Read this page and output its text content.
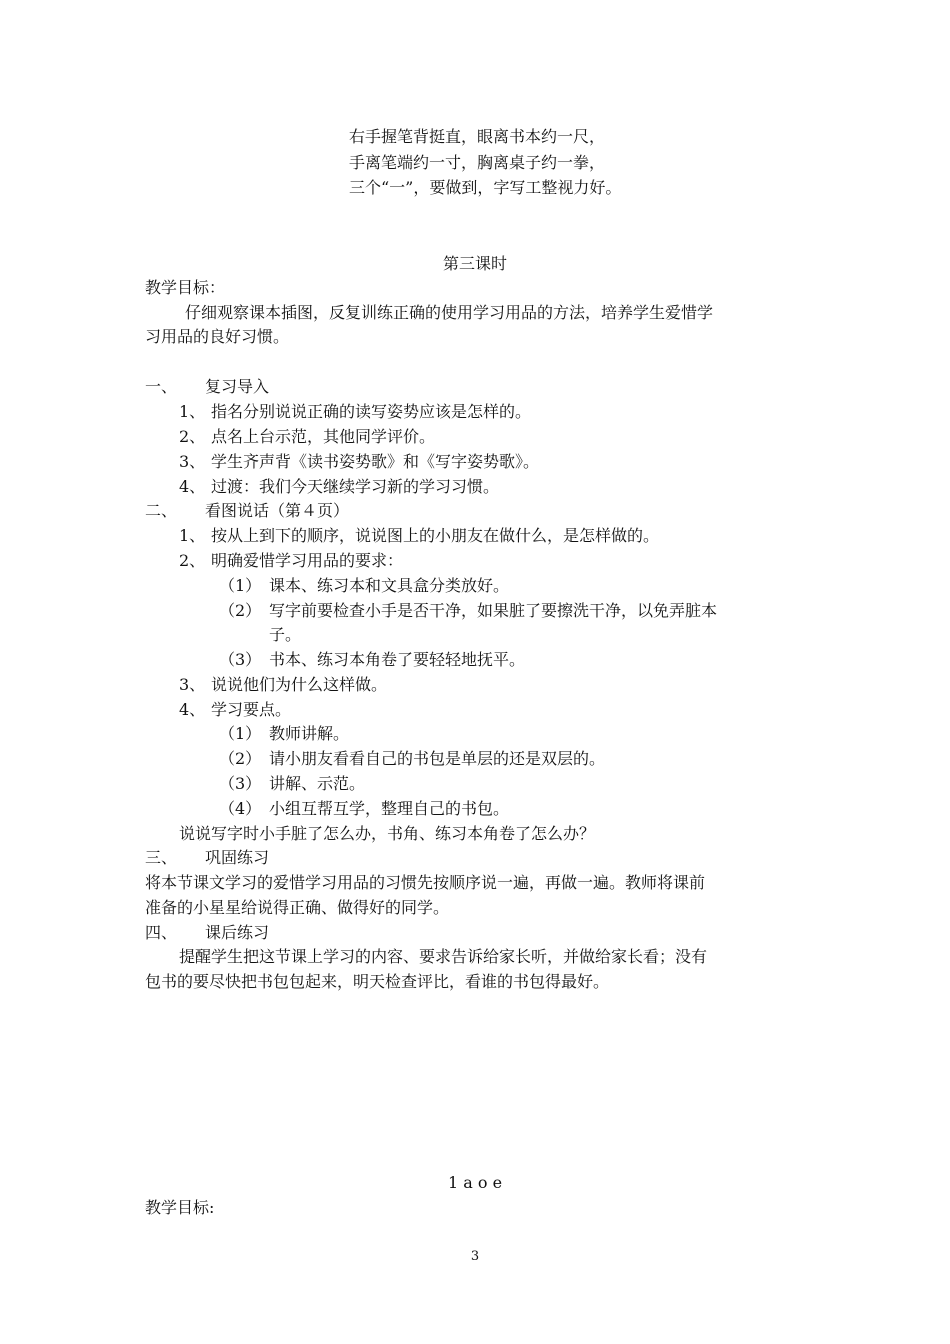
右手握笔背挺直，眼离书本约一尺，
手离笔端约一寸，胸离桌子约一拳，
三个“一”，要做到，字写工整视力好。
第三课时
教学目标：
仔细观察课本插图，反复训练正确的使用学习用品的方法，培养学生爱惜学
习用品的良好习惯。
一、 复习导入
1、 指名分别说说正确的读写姿势应该是怎样的。
2、 点名上台示范，其他同学评价。
3、 学生齐声背《读书姿势歌》和《写字姿势歌》。
4、 过渡：我们今天继续学习新的学习习惯。
二、 看图说话（第４页）
1、 按从上到下的顺序，说说图上的小朋友在做什么，是怎样做的。
2、 明确爱惜学习用品的要求：
（1） 课本、练习本和文具盒分类放好。
（2） 写字前要检查小手是否干净，如果脏了要擦洗干净，以免弄脏本
子。
（3） 书本、练习本角卷了要轻轻地抚平。
3、 说说他们为什么这样做。
4、 学习要点。
（1） 教师讲解。
（2） 请小朋友看看自己的书包是单层的还是双层的。
（3） 讲解、示范。
（4） 小组互帮互学，整理自己的书包。
说说写字时小手脏了怎么办，书角、练习本角卷了怎么办？
三、 巩固练习
将本节课文学习的爱惜学习用品的习惯先按顺序说一遍，再做一遍。教师将课前
准备的小星星给说得正确、做得好的同学。
四、 课后练习
提醒学生把这节课上学习的内容、要求告诉给家长听，并做给家长看；没有
包书的要尽快把书包包起来，明天检查评比，看谁的书包得最好。
1 a o e
教学目标:
3
